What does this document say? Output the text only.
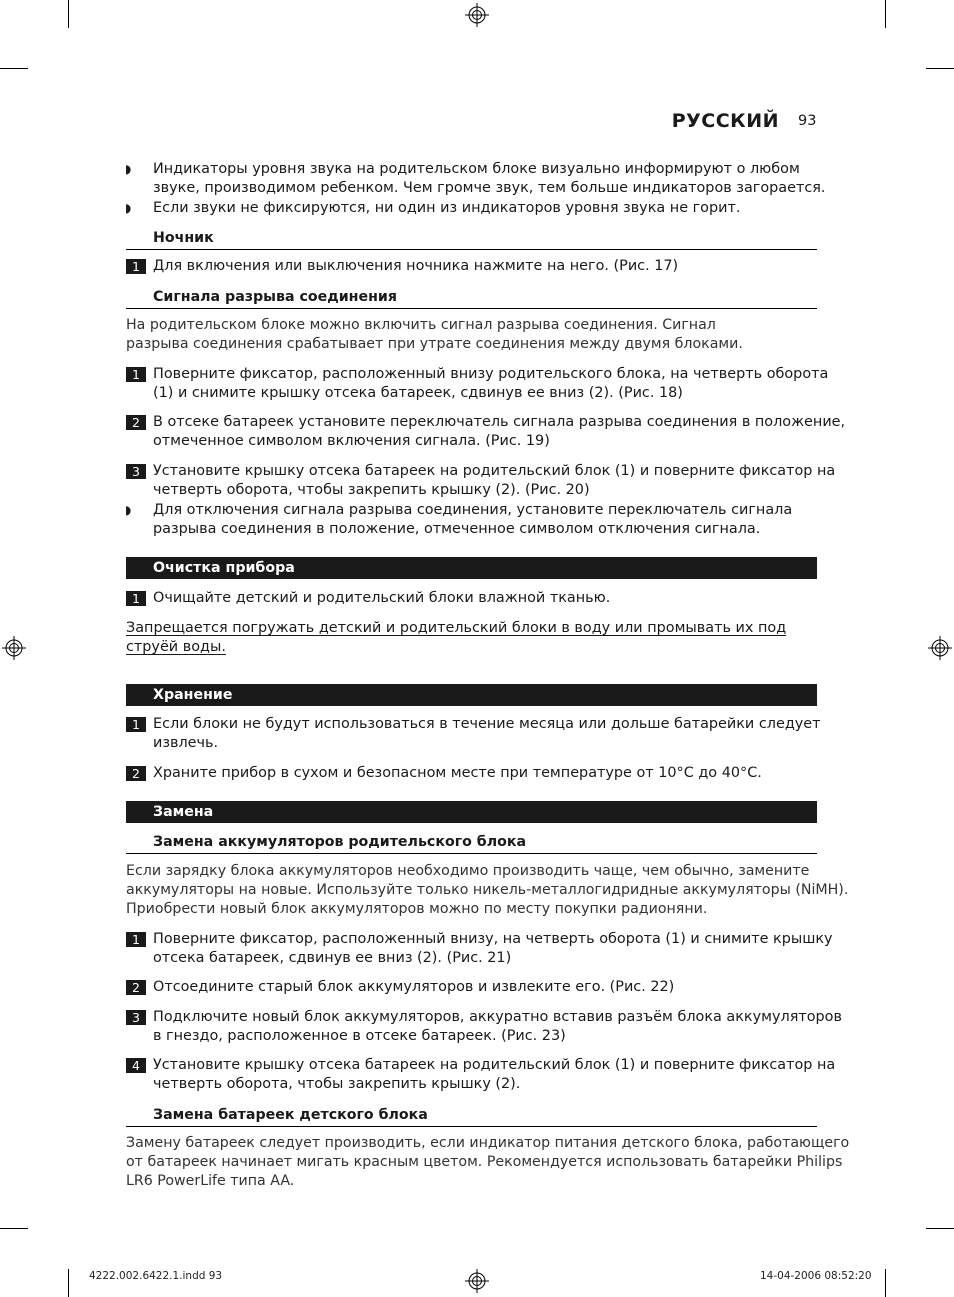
РУССКИЙ 93
◗ Индикаторы уровня звука на родительском блоке визуально информируют о любом
звуке, производимом ребенком. Чем громче звук, тем больше индикаторов загорается.
◗ Если звуки не фиксируются, ни один из индикаторов уровня звука не горит.
Ночник
1 Для включения или выключения ночника нажмите на него. (Рис. 17)
Сигнала разрыва соединения
На родительском блоке можно включить сигнал разрыва соединения. Сигнал
разрыва соединения срабатывает при утрате соединения между двумя блоками.
1 Поверните фиксатор, расположенный внизу родительского блока, на четверть оборота
(1) и снимите крышку отсека батареек, сдвинув ее вниз (2). (Рис. 18)
2 В отсеке батареек установите переключатель сигнала разрыва соединения в положение,
отмеченное символом включения сигнала. (Рис. 19)
3 Установите крышку отсека батареек на родительский блок (1) и поверните фиксатор на
четверть оборота, чтобы закрепить крышку (2). (Рис. 20)
◗ Для отключения сигнала разрыва соединения, установите переключатель сигнала
разрыва соединения в положение, отмеченное символом отключения сигнала.
Очистка прибора
1 Очищайте детский и родительский блоки влажной тканью.
Запрещается погружать детский и родительский блоки в воду или промывать их под
струёй воды.
Хранение
1 Если блоки не будут использоваться в течение месяца или дольше батарейки следует
извлечь.
2 Храните прибор в сухом и безопасном месте при температуре от 10°C до 40°C.
Замена
Замена аккумуляторов родительского блока
Если зарядку блока аккумуляторов необходимо производить чаще, чем обычно, замените
аккумуляторы на новые. Используйте только никель-металлогидридные аккумуляторы (NiMH).
Приобрести новый блок аккумуляторов можно по месту покупки радионяни.
1 Поверните фиксатор, расположенный внизу, на четверть оборота (1) и снимите крышку
отсека батареек, сдвинув ее вниз (2). (Рис. 21)
2 Отсоедините старый блок аккумуляторов и извлеките его. (Рис. 22)
3 Подключите новый блок аккумуляторов, аккуратно вставив разъём блока аккумуляторов
в гнездо, расположенное в отсеке батареек. (Рис. 23)
4 Установите крышку отсека батареек на родительский блок (1) и поверните фиксатор на
четверть оборота, чтобы закрепить крышку (2).
Замена батареек детского блока
Замену батареек следует производить, если индикатор питания детского блока, работающего
от батареек начинает мигать красным цветом. Рекомендуется использовать батарейки Philips
LR6 PowerLife типа AA.
4222.002.6422.1.indd 93	14-04-2006 08:52:20
